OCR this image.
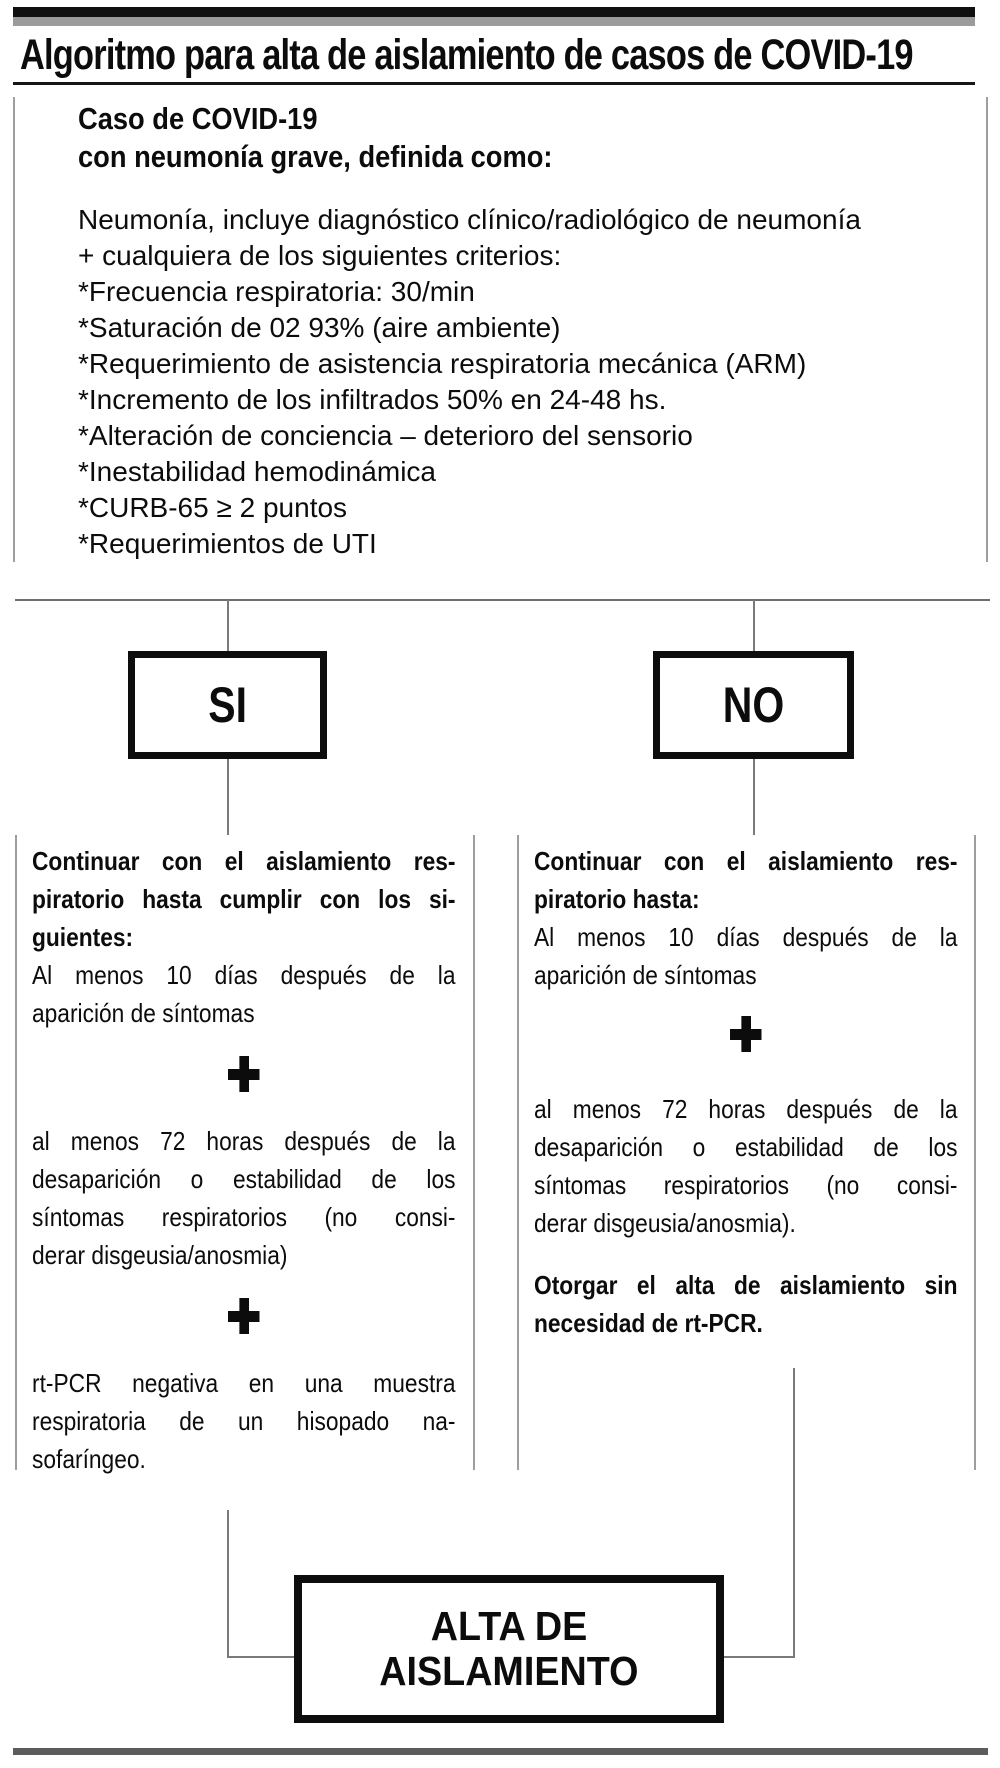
Algoritmo para alta de aislamiento de casos de COVID-19
Caso de COVID-19
con neumonía grave, definida como:
Neumonía, incluye diagnóstico clínico/radiológico de neumonía
+ cualquiera de los siguientes criterios:
*Frecuencia respiratoria: 30/min
*Saturación de 02 93% (aire ambiente)
*Requerimiento de asistencia respiratoria mecánica (ARM)
*Incremento de los infiltrados 50% en 24-48 hs.
*Alteración de conciencia – deterioro del sensorio
*Inestabilidad hemodinámica
*CURB-65 ≥ 2 puntos
*Requerimientos de UTI
SI	NO
Continuar con el aislamiento res-
piratorio hasta cumplir con los si-
guientes:
Al menos 10 días después de la
aparición de síntomas
al menos 72 horas después de la
desaparición o estabilidad de los
síntomas respiratorios (no consi-
derar disgeusia/anosmia)
rt-PCR negativa en una muestra
respiratoria de un hisopado na-
sofaríngeo.
Continuar con el aislamiento res-
piratorio hasta:
Al menos 10 días después de la
aparición de síntomas
al menos 72 horas después de la
desaparición o estabilidad de los
síntomas respiratorios (no consi-
derar disgeusia/anosmia).
Otorgar el alta de aislamiento sin
necesidad de rt-PCR.
ALTA DE
AISLAMIENTO
